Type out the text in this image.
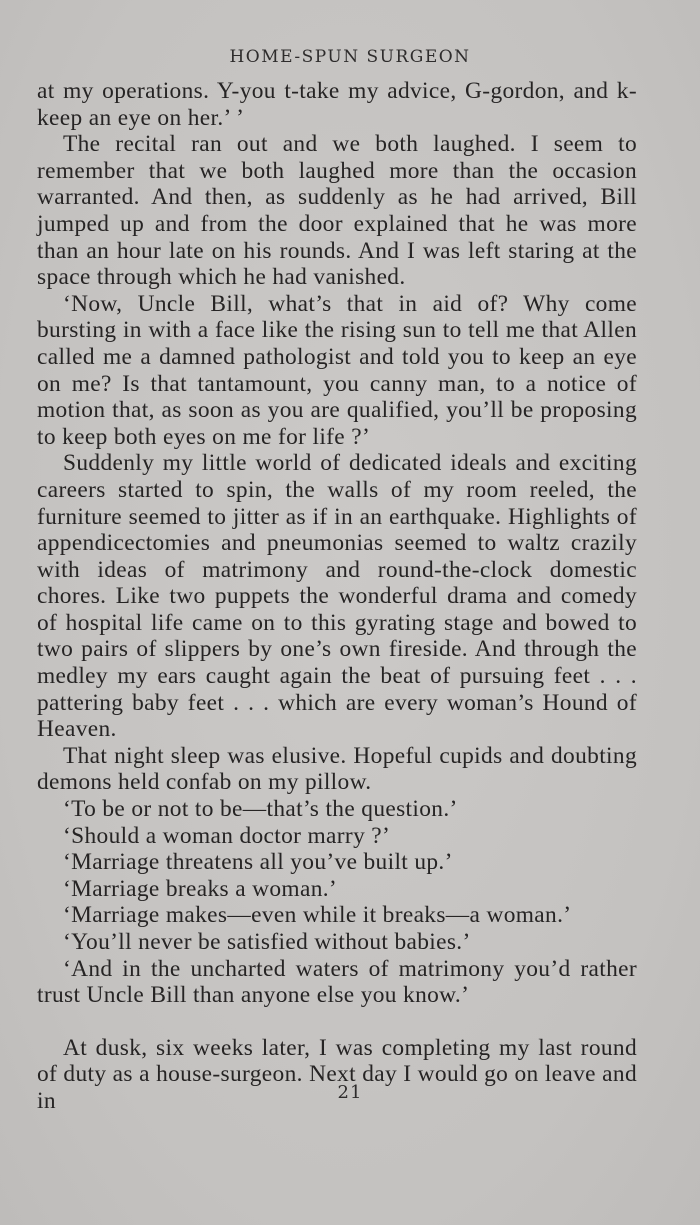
HOME-SPUN SURGEON

at my operations. Y-you t-take my advice, G-gordon, and k-keep an eye on her.’ ’

The recital ran out and we both laughed. I seem to remember that we both laughed more than the occasion warranted. And then, as suddenly as he had arrived, Bill jumped up and from the door explained that he was more than an hour late on his rounds. And I was left staring at the space through which he had vanished.

‘Now, Uncle Bill, what’s that in aid of? Why come bursting in with a face like the rising sun to tell me that Allen called me a damned pathologist and told you to keep an eye on me? Is that tantamount, you canny man, to a notice of motion that, as soon as you are qualified, you’ll be proposing to keep both eyes on me for life ?’

Suddenly my little world of dedicated ideals and exciting careers started to spin, the walls of my room reeled, the furniture seemed to jitter as if in an earthquake. Highlights of appendicectomies and pneumonias seemed to waltz crazily with ideas of matrimony and round-the-clock domestic chores. Like two puppets the wonderful drama and comedy of hospital life came on to this gyrating stage and bowed to two pairs of slippers by one’s own fireside. And through the medley my ears caught again the beat of pursuing feet . . . pattering baby feet . . . which are every woman’s Hound of Heaven.

That night sleep was elusive. Hopeful cupids and doubting demons held confab on my pillow.

‘To be or not to be—that’s the question.’

‘Should a woman doctor marry ?’

‘Marriage threatens all you’ve built up.’

‘Marriage breaks a woman.’

‘Marriage makes—even while it breaks—a woman.’

‘You’ll never be satisfied without babies.’

‘And in the uncharted waters of matrimony you’d rather trust Uncle Bill than anyone else you know.’

At dusk, six weeks later, I was completing my last round of duty as a house-surgeon. Next day I would go on leave and in	21
